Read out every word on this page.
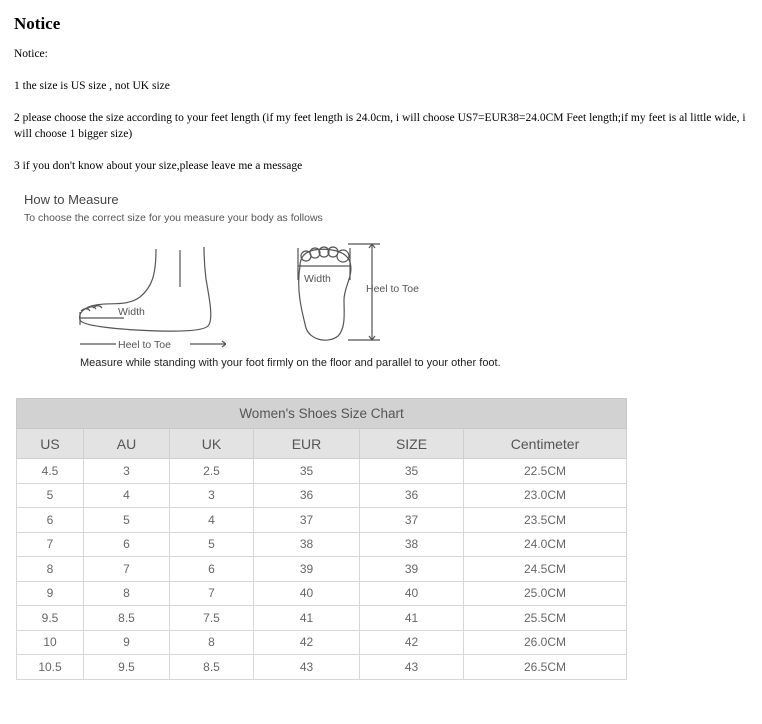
Notice

Notice:

1 the size is US size , not UK size

2 please choose the size according to your feet length (if my feet length is 24.0cm, i will choose US7=EUR38=24.0CM Feet length;if my feet is al little wide, i will choose 1 bigger size)

3 if you don't know about your size,please leave me a message

How to Measure
To choose the correct size for you measure your body as follows
Width
Heel to Toe
Width
Heel to Toe
Measure while standing with your foot firmly on the floor and parallel to your other foot.
Women's Shoes Size Chart					
US	AU	UK	EUR	SIZE	Centimeter
4.5	3	2.5	35	35	22.5CM
5	4	3	36	36	23.0CM
6	5	4	37	37	23.5CM
7	6	5	38	38	24.0CM
8	7	6	39	39	24.5CM
9	8	7	40	40	25.0CM
9.5	8.5	7.5	41	41	25.5CM
10	9	8	42	42	26.0CM
10.5	9.5	8.5	43	43	26.5CM
